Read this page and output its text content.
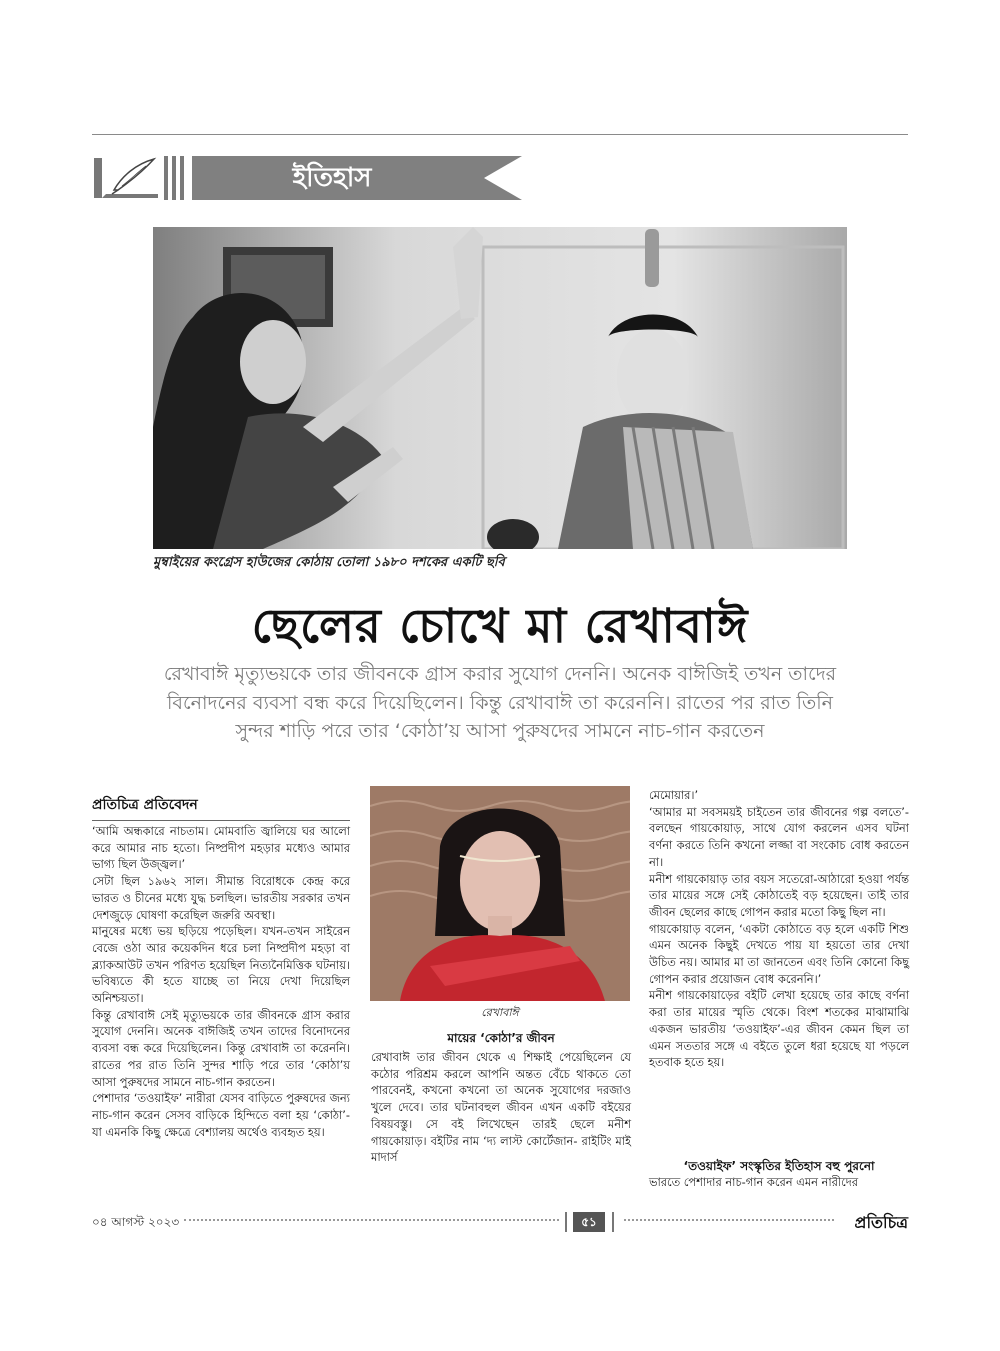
ইতিহাস
মুম্বাইয়ের কংগ্রেস হাউজের কোঠায় তোলা ১৯৮০ দশকের একটি ছবি
ছেলের চোখে মা রেখাবাঈ
রেখাবাঈ মৃত্যুভয়কে তার জীবনকে গ্রাস করার সুযোগ দেননি। অনেক বাঈজিই তখন তাদের বিনোদনের ব্যবসা বন্ধ করে দিয়েছিলেন। কিন্তু রেখাবাঈ তা করেননি। রাতের পর রাত তিনি সুন্দর শাড়ি পরে তার ‘কোঠা’য় আসা পুরুষদের সামনে নাচ-গান করতেন
প্রতিচিত্র প্রতিবেদন

‘আমি অন্ধকারে নাচতাম। মোমবাতি জ্বালিয়ে ঘর আলো করে আমার নাচ হতো। নিষ্প্রদীপ মহড়ার মধ্যেও আমার ভাগ্য ছিল উজ্জ্বল।’

সেটা ছিল ১৯৬২ সাল। সীমান্ত বিরোধকে কেন্দ্র করে ভারত ও চীনের মধ্যে যুদ্ধ চলছিল। ভারতীয় সরকার তখন দেশজুড়ে ঘোষণা করেছিল জরুরি অবস্থা।

মানুষের মধ্যে ভয় ছড়িয়ে পড়েছিল। যখন-তখন সাইরেন বেজে ওঠা আর কয়েকদিন ধরে চলা নিষ্প্রদীপ মহড়া বা ব্ল্যাকআউট তখন পরিণত হয়েছিল নিত্যনৈমিত্তিক ঘটনায়। ভবিষ্যতে কী হতে যাচ্ছে তা নিয়ে দেখা দিয়েছিল অনিশ্চয়তা।

কিন্তু রেখাবাঈ সেই মৃত্যুভয়কে তার জীবনকে গ্রাস করার সুযোগ দেননি। অনেক বাঈজিই তখন তাদের বিনোদনের ব্যবসা বন্ধ করে দিয়েছিলেন। কিন্তু রেখাবাঈ তা করেননি। রাতের পর রাত তিনি সুন্দর শাড়ি পরে তার ‘কোঠা’য় আসা পুরুষদের সামনে নাচ-গান করতেন।

পেশাদার ‘তওয়াইফ’ নারীরা যেসব বাড়িতে পুরুষদের জন্য নাচ-গান করেন সেসব বাড়িকে হিন্দিতে বলা হয় ‘কোঠা’- যা এমনকি কিছু ক্ষেত্রে বেশ্যালয় অর্থেও ব্যবহৃত হয়।

রেখাবাঈ
মায়ের ‘কোঠা’র জীবন

রেখাবাঈ তার জীবন থেকে এ শিক্ষাই পেয়েছিলেন যে কঠোর পরিশ্রম করলে আপনি অন্তত বেঁচে থাকতে তো পারবেনই, কখনো কখনো তা অনেক সুযোগের দরজাও খুলে দেবে। তার ঘটনাবহুল জীবন এখন একটি বইয়ের বিষয়বস্তু। সে বই লিখেছেন তারই ছেলে মনীশ গায়কোয়াড়। বইটির নাম ‘দ্য লাস্ট কোর্টেজান- রাইটিং মাই মাদার্স

মেমোয়ার।’

‘আমার মা সবসময়ই চাইতেন তার জীবনের গল্প বলতে’- বলছেন গায়কোয়াড়, সাথে যোগ করলেন এসব ঘটনা বর্ণনা করতে তিনি কখনো লজ্জা বা সংকোচ বোধ করতেন না।

মনীশ গায়কোয়াড় তার বয়স সতেরো-আঠারো হওয়া পর্যন্ত তার মায়ের সঙ্গে সেই কোঠাতেই বড় হয়েছেন। তাই তার জীবন ছেলের কাছে গোপন করার মতো কিছু ছিল না।

গায়কোয়াড় বলেন, ‘একটা কোঠাতে বড় হলে একটি শিশু এমন অনেক কিছুই দেখতে পায় যা হয়তো তার দেখা উচিত নয়। আমার মা তা জানতেন এবং তিনি কোনো কিছু গোপন করার প্রয়োজন বোধ করেননি।’

মনীশ গায়কোয়াড়ের বইটি লেখা হয়েছে তার কাছে বর্ণনা করা তার মায়ের স্মৃতি থেকে। বিংশ শতকের মাঝামাঝি একজন ভারতীয় ‘তওয়াইফ’-এর জীবন কেমন ছিল তা এমন সততার সঙ্গে এ বইতে তুলে ধরা হয়েছে যা পড়লে হতবাক হতে হয়।

‘তওয়াইফ’ সংস্কৃতির ইতিহাস বহু পুরনো

ভারতে পেশাদার নাচ-গান করেন এমন নারীদের

০৪ আগস্ট ২০২৩	৫১	প্রতিচিত্র
